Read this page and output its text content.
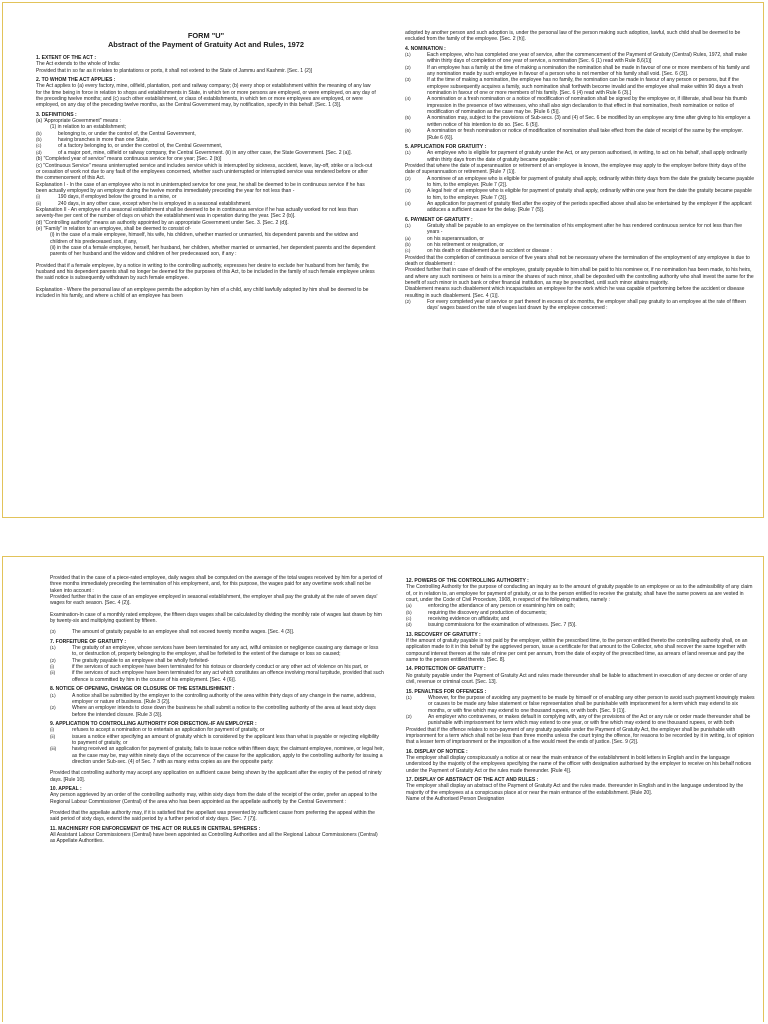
FORM "U"
Abstract of the Payment of Gratuity Act and Rules, 1972

1. EXTENT OF THE ACT :

The Act extends to the whole of India:

Provided that in so far as it relates to plantations or ports, it shall not extend to the State of Jammu and Kashmir. [Sec. 1 (2)]

2. TO WHOM THE ACT APPLIES :

The Act applies to (a) every factory, mine, oilfield, plantation, port and railway company; (b) every shop or establishment within the meaning of any law for the time being in force in relation to shops and establishments in State, in which ten or more persons are employed, or were employed, on any day of the preceding twelve months; and (c) such other establishment, or class of establishments, in which ten or more employees are employed, or were employed, on any day of the preceding twelve months, as the Central Government may, by notification, specify in this behalf. [Sec. 1 (3)].

3. DEFINITIONS :

(a) 'Appropriate Government" means :

(1) in relation to an establishment;

(b)	belonging to, or under the control of, the Central Government,
(b)	having branches in more than one State,
(c)	of a factory belonging to, or under the control of, the Central Government,
(d)	of a major port, mine, oilfield or railway company, the Central Government. (ii) in any other case, the State Government. [Sec. 2 (a)].

(b) "Completed year of service" means continuous service for one year; [Sec. 2 (b)]

(c) "Continuous Service" means uninterrupted service and includes service which is interrupted by sickness, accident, leave, lay-off, strike or a lock-out or cessation of work not due to any fault of the employees concerned, whether such uninterrupted or interrupted service was rendered before or after the commencement of this Act.

Explanation I - In the case of an employee who is not in uninterrupted service for one year, he shall be deemed to be in continuous service if he has been actually employed by an employer during the twelve months immediately preceding the year for not less than -

(i)	190 days, if employed below the ground in a mine, or
(ii)	240 days, in any other case, except when he is employed in a seasonal establishment.

Explanation II - An employee of a seasonal establishment shall be deemed to be in continuous service if he has actually worked for not less than seventy-five per cent of the number of days on which the establishment was in operation during the year. [Sec 2 (b)].

(d) "Controlling authority" means an authority appointed by an appropriate Government under Sec. 3. [Sec. 2 (d)].

(e) "Family" in relation to an employee, shall be deemed to consist of-

(i) in the case of a male employee, himself, his wife, his children, whether married or unmarried, his dependent parents and the widow and children of his predeceased son, if any,

(ii) in the case of a female employee, herself, her husband, her children, whether married or unmarried, her dependent parents and the dependent parents of her husband and the widow and children of her predeceased son, if any :

Provided that if a female employee, by a notice in writing to the controlling authority, expresses her desire to exclude her husband from her family, the husband and his dependent parents shall no longer be deemed for the purposes of this Act, to be included in the family of such female employee unless the said notice is subsequently withdrawn by such female employee.

Explanation - Where the personal law of an employee permits the adoption by him of a child, any child lawfully adopted by him shall be deemed to be included in his family, and where a child of an employee has been

adopted by another person and such adoption is, under the personal law of the person making such adoption, lawful, such child shall be deemed to be excluded from the family of the employee. [Sec. 2 (h)].

4. NOMINATION :

(1)	Each employee, who has completed one year of service, after the commencement of the Payment of Gratuity (Central) Rules, 1972, shall make within thirty days of completion of one year of service, a nomination [Sec. 6 (1) read with Rule 8,6(1)]
(2)	If an employee has a family at the time of making a nomination the nomination shall be made in favour of one or more members of his family and any nomination made by such employee in favour of a person who is not member of his family shall void. [Sec. 6 (3)].
(3)	If at the time of making a nomination, the employee has no family, the nomination can be made in favour of any person or persons, but if the employee subsequently acquires a family, such nomination shall forthwith become invalid and the employee shall make within 90 days a fresh nomination in favour of one or more members of his family. [Sec. 6 (4) read with Rule 6 (3).]
(4)	A nomination or a fresh nomination or a notice of modification of nomination shall be signed by the employee or, if illiterate, shall bear his thumb impression in the presence of two witnesses, who shall also sign declaration to that effect in that nomination, fresh nomination or notice of modification of nomination as the case may be. [Rule 6 (5)].
(5)	A nomination may, subject to the provisions of Sub-secs. (3) and (4) of Sec. 6 be modified by an employee any time after giving to his employer a written notice of his intention to do so. [Sec. 6 (5)].
(6)	A nomination or fresh nomination or notice of modification of nomination shall take effect from the date of receipt of the same by the employer. [Rule 6 (6)].

5. APPLICATION FOR GRATUITY :

(1)	An employee who is eligible for payment of gratuity under the Act, or any person authorised, in writing, to act on his behalf, shall apply ordinarily within thirty days from the date of gratuity became payable :

Provided that where the date of superannuation or retirement of an employee is known, the employee may apply to the employer before thirty days of the date of superannuation or retirement. [Rule 7 (1)].

(2)	A nominee of an employee who is eligible for payment of gratuity shall apply, ordinarily within thirty days from the date the gratuity became payable to him, to the employer. [Rule 7 (2)].
(3)	A legal heir of an employee who is eligible for payment of gratuity shall apply, ordinarily within one year from the date the gratuity became payable to him, to the employer. [Rule 7 (3)].
(4)	An application for payment of gratuity filed after the expiry of the periods specified above shall also be entertained by the employer if the applicant adduces a sufficient cause for the delay. [Rule 7 (5)].

6. PAYMENT OF GRATUITY :

(1)	Gratuity shall be payable to an employee on the termination of his employment after he has rendered continuous service for not less than five years -
(a)	on his superannuation, or
(b)	on his retirement or resignation, or
(c)	on his death or disablement due to accident or disease :

Provided that the completion of continuous service of five years shall not be necessary where the termination of the employment of any employee is due to death or disablement :

Provided further that in case of death of the employee, gratuity payable to him shall be paid to his nominee or, if no nomination has been made, to his heirs, and where any such nominees or heirs is a minor the shares of such minor, shall be deposited with the controlling authority who shall invest the same for the benefit of such minor in such bank or other financial institution, as may be prescribed, until such minor attains majority.

Disablement means such disablement which incapacitates an employee for the work which he was capable of performing before the accident or disease resulting in such disablement. [Sec. 4 (1)].

(2)	For every completed year of service or part thereof in excess of six months, the employer shall pay gratuity to an employee at the rate of fifteen days' wages based on the rate of wages last drawn by the employee concerned :

Provided that in the case of a piece-rated employee, daily wages shall be computed on the average of the total wages received by him for a period of three months immediately preceding the termination of his employment, and, for this purpose, the wages paid for any overtime work shall not be taken into account :

Provided further that in the case of an employee employed in seasonal establishment, the employer shall pay the gratuity at the rate of seven days' wages for each season. [Sec. 4 (2)].

Examination-In case of a monthly rated employee, the fifteen days wages shall be calculated by dividing the monthly rate of wages last drawn by him by twenty-six and multiplying quotient by fifteen.

(3)	The amount of gratuity payable to an employee shall not exceed twenty months wages. [Sec. 4 (3)].

7. FORFEITURE OF GRATUITY :

(1)	The gratuity of an employee, whose services have been terminated for any act, wilful omission or negligence causing any damage or loss to, or destruction of, property belonging to the employer, shall be forfeited to the extent of the damage or loss so caused;
(2)	The gratuity payable to an employee shall be wholly forfeited-
(i)	if the services of such employee have been terminated for his riotous or disorderly conduct or any other act of violence on his part, or
(ii)	if the services of such employee have been terminated for any act which constitutes an offence involving moral turpitude, provided that such offence is committed by him in the course of his employment. [Sec. 4 (6)].

8. NOTICE OF OPENING, CHANGE OR CLOSURE OF THE ESTABLISHMENT :

(1)	A notice shall be submitted by the employer to the controlling authority of the area within thirty days of any change in the name, address, employer or nature of business. [Rule 3 (2)].
(2)	Where an employer intends to close down the business he shall submit a notice to the controlling authority of the area at least sixty days before the intended closure. [Rule 3 (3)].

9. APPLICATION TO CONTROLLING AUTHORITY FOR DIRECTION.-IF AN EMPLOYER :

(i)	refuses to accept a nomination or to entertain an application for payment of gratuity, or
(ii)	issues a notice either specifying an amount of gratuity which is considered by the applicant less than what is payable or rejecting eligibility to payment of gratuity, or
(iii)	having received an application for payment of gratuity, fails to issue notice within fifteen days; the claimant employee, nominee, or legal heir, as the case may be, may within ninety days of the occurrence of the cause for the application, apply to the controlling authority for issuing a direction under Sub-sec. (4) of Sec. 7 with as many extra copies as are the opposite party:

Provided that controlling authority may accept any application on sufficient cause being shown by the applicant after the expiry of the period of ninety days. [Rule 10].

10. APPEAL :

Any person aggrieved by an order of the controlling authority may, within sixty days from the date of the receipt of the order, prefer an appeal to the Regional Labour Commissioner (Central) of the area who has been appointed as the appellate authority by the Central Government :

Provided that the appellate authority may, if it is satisfied that the appellant was prevented by sufficient cause from preferring the appeal within the said period of sixty days, extend the said period by a further period of sixty days. [Sec. 7 (7)].

11. MACHINERY FOR ENFORCEMENT OF THE ACT OR RULES IN CENTRAL SPHERES :

All Assistant Labour Commissioners (Central) have been appointed as Controlling Authorities and all the Regional Labour Commissioners (Central) as Appellate Authorities.

12. POWERS OF THE CONTROLLING AUTHORITY :

The Controlling Authority for the purpose of conducting an inquiry as to the amount of gratuity payable to an employee or as to the admissibility of any claim of, or in relation to, an employee for payment of gratuity, or as to the person entitled to receive the gratuity, shall have the same powers as are vested in court, under the Code of Civil Procedure, 1908, in respect of the following matters, namely :

(a)	enforcing the attendance of any person or examining him on oath;
(b)	requiring the discovery and production of documents;
(c)	receiving evidence on affidavits; and
(d)	issuing commissions for the examination of witnesses. [Sec. 7 (5)].

13. RECOVERY OF GRATUITY :

If the amount of gratuity payable is not paid by the employer, within the prescribed time, to the person entitled thereto the controlling authority shall, on an application made to it in this behalf by the aggrieved person, issue a certificate for that amount to the Collector, who shall recover the same together with compound interest thereon at the rate of nine per cent per annum, from the date of expiry of the prescribed time, as arrears of land revenue and pay the same to the person entitled thereto. [Sec. 8].

14. PROTECTION OF GRATUITY :

No gratuity payable under the Payment of Gratuity Act and rules made thereunder shall be liable to attachment in execution of any decree or order of any civil, revenue or criminal court. [Sec. 13].

15. PENALTIES FOR OFFENCES :

(1)	Whoever, for the purpose of avoiding any payment to be made by himself or of enabling any other person to avoid such payment knowingly makes or causes to be made any false statement or false representation shall be punishable with imprisonment for a term which may extend to six months, or with fine which may extend to one thousand rupees, or with both. [Sec. 9 (1)].
(2)	An employer who contravenes, or makes default in complying with, any of the provisions of the Act or any rule or order made thereunder shall be punishable with imprisonment for term which may extend to one year, or with fine which may extend to one thousand rupees, or with both

Provided that if the offence relates to non-payment of any gratuity payable under the Payment of Gratuity Act, the employer shall be punishable with imprisonment for a term which shall not be less than three months unless the court trying the offence, for reasons to be recorded by it in writing, is of opinion that a lesser term of imprisonment or the imposition of a fine would meet the ends of justice. [Sec. 9 (2)].

16. DISPLAY OF NOTICE :

The employer shall display conspicuously a notice at or near the main entrance of the establishment in bold letters in English and in the language understood by the majority of the employees specifying the name of the officer with designation authorised by the employer to receive on his behalf notices under the Payment of Gratuity Act or the rules made thereunder. [Rule 4)].

17. DISPLAY OF ABSTRACT OF THE ACT AND RULES :

The employer shall display an abstract of the Payment of Gratuity Act and the rules made. thereunder in English and in the language understood by the majority of the employees at a conspicuous place at or near the main entrance of the establishment. [Rule 20].

Name of the Authorised Person Designation
